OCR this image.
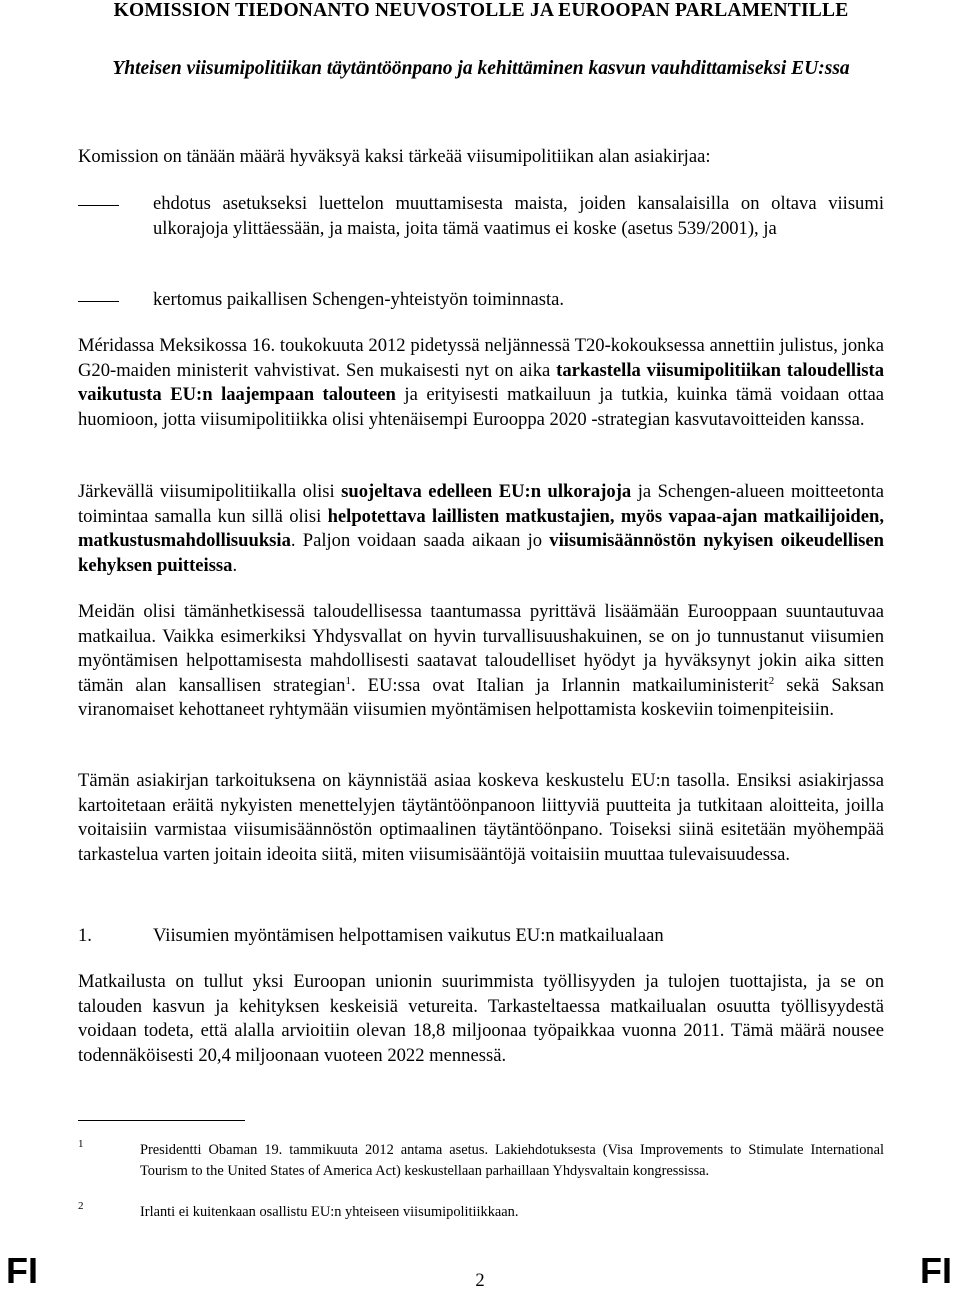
KOMISSION TIEDONANTO NEUVOSTOLLE JA EUROOPAN PARLAMENTILLE
Yhteisen viisumipolitiikan täytäntöönpano ja kehittäminen kasvun vauhdittamiseksi EU:ssa
Komission on tänään määrä hyväksyä kaksi tärkeää viisumipolitiikan alan asiakirjaa:
ehdotus asetukseksi luettelon muuttamisesta maista, joiden kansalaisilla on oltava viisumi ulkorajoja ylittäessään, ja maista, joita tämä vaatimus ei koske (asetus 539/2001), ja
kertomus paikallisen Schengen-yhteistyön toiminnasta.
Méridassa Meksikossa 16. toukokuuta 2012 pidetyssä neljännessä T20-kokouksessa annettiin julistus, jonka G20-maiden ministerit vahvistivat. Sen mukaisesti nyt on aika tarkastella viisumipolitiikan taloudellista vaikutusta EU:n laajempaan talouteen ja erityisesti matkailuun ja tutkia, kuinka tämä voidaan ottaa huomioon, jotta viisumipolitiikka olisi yhtenäisempi Eurooppa 2020 -strategian kasvutavoitteiden kanssa.
Järkevällä viisumipolitiikalla olisi suojeltava edelleen EU:n ulkorajoja ja Schengen-alueen moitteetonta toimintaa samalla kun sillä olisi helpotettava laillisten matkustajien, myös vapaa-ajan matkailijoiden, matkustusmahdollisuuksia. Paljon voidaan saada aikaan jo viisumisäännöstön nykyisen oikeudellisen kehyksen puitteissa.
Meidän olisi tämänhetkisessä taloudellisessa taantumassa pyrittävä lisäämään Eurooppaan suuntautuvaa matkailua. Vaikka esimerkiksi Yhdysvallat on hyvin turvallisuushakuinen, se on jo tunnustanut viisumien myöntämisen helpottamisesta mahdollisesti saatavat taloudelliset hyödyt ja hyväksynyt jokin aika sitten tämän alan kansallisen strategian$^1$. EU:ssa ovat Italian ja Irlannin matkailuministerit$^2$ sekä Saksan viranomaiset kehottaneet ryhtymään viisumien myöntämisen helpottamista koskeviin toimenpiteisiin.
Tämän asiakirjan tarkoituksena on käynnistää asiaa koskeva keskustelu EU:n tasolla. Ensiksi asiakirjassa kartoitetaan eräitä nykyisten menettelyjen täytäntöönpanoon liittyviä puutteita ja tutkitaan aloitteita, joilla voitaisiin varmistaa viisumisäännöstön optimaalinen täytäntöönpano. Toiseksi siinä esitetään myöhempää tarkastelua varten joitain ideoita siitä, miten viisumisääntöjä voitaisiin muuttaa tulevaisuudessa.
1.	Viisumien myöntämisen helpottamisen vaikutus EU:n matkailualaan
Matkailusta on tullut yksi Euroopan unionin suurimmista työllisyyden ja tulojen tuottajista, ja se on talouden kasvun ja kehityksen keskeisiä vetureita. Tarkasteltaessa matkailualan osuutta työllisyydestä voidaan todeta, että alalla arvioitiin olevan 18,8 miljoonaa työpaikkaa vuonna 2011. Tämä määrä nousee todennäköisesti 20,4 miljoonaan vuoteen 2022 mennessä.
1	Presidentti Obaman 19. tammikuuta 2012 antama asetus. Lakiehdotuksesta (Visa Improvements to Stimulate International Tourism to the United States of America Act) keskustellaan parhaillaan Yhdysvaltain kongressissa.
2	Irlanti ei kuitenkaan osallistu EU:n yhteiseen viisumipolitiikkaan.
FI	2	FI
